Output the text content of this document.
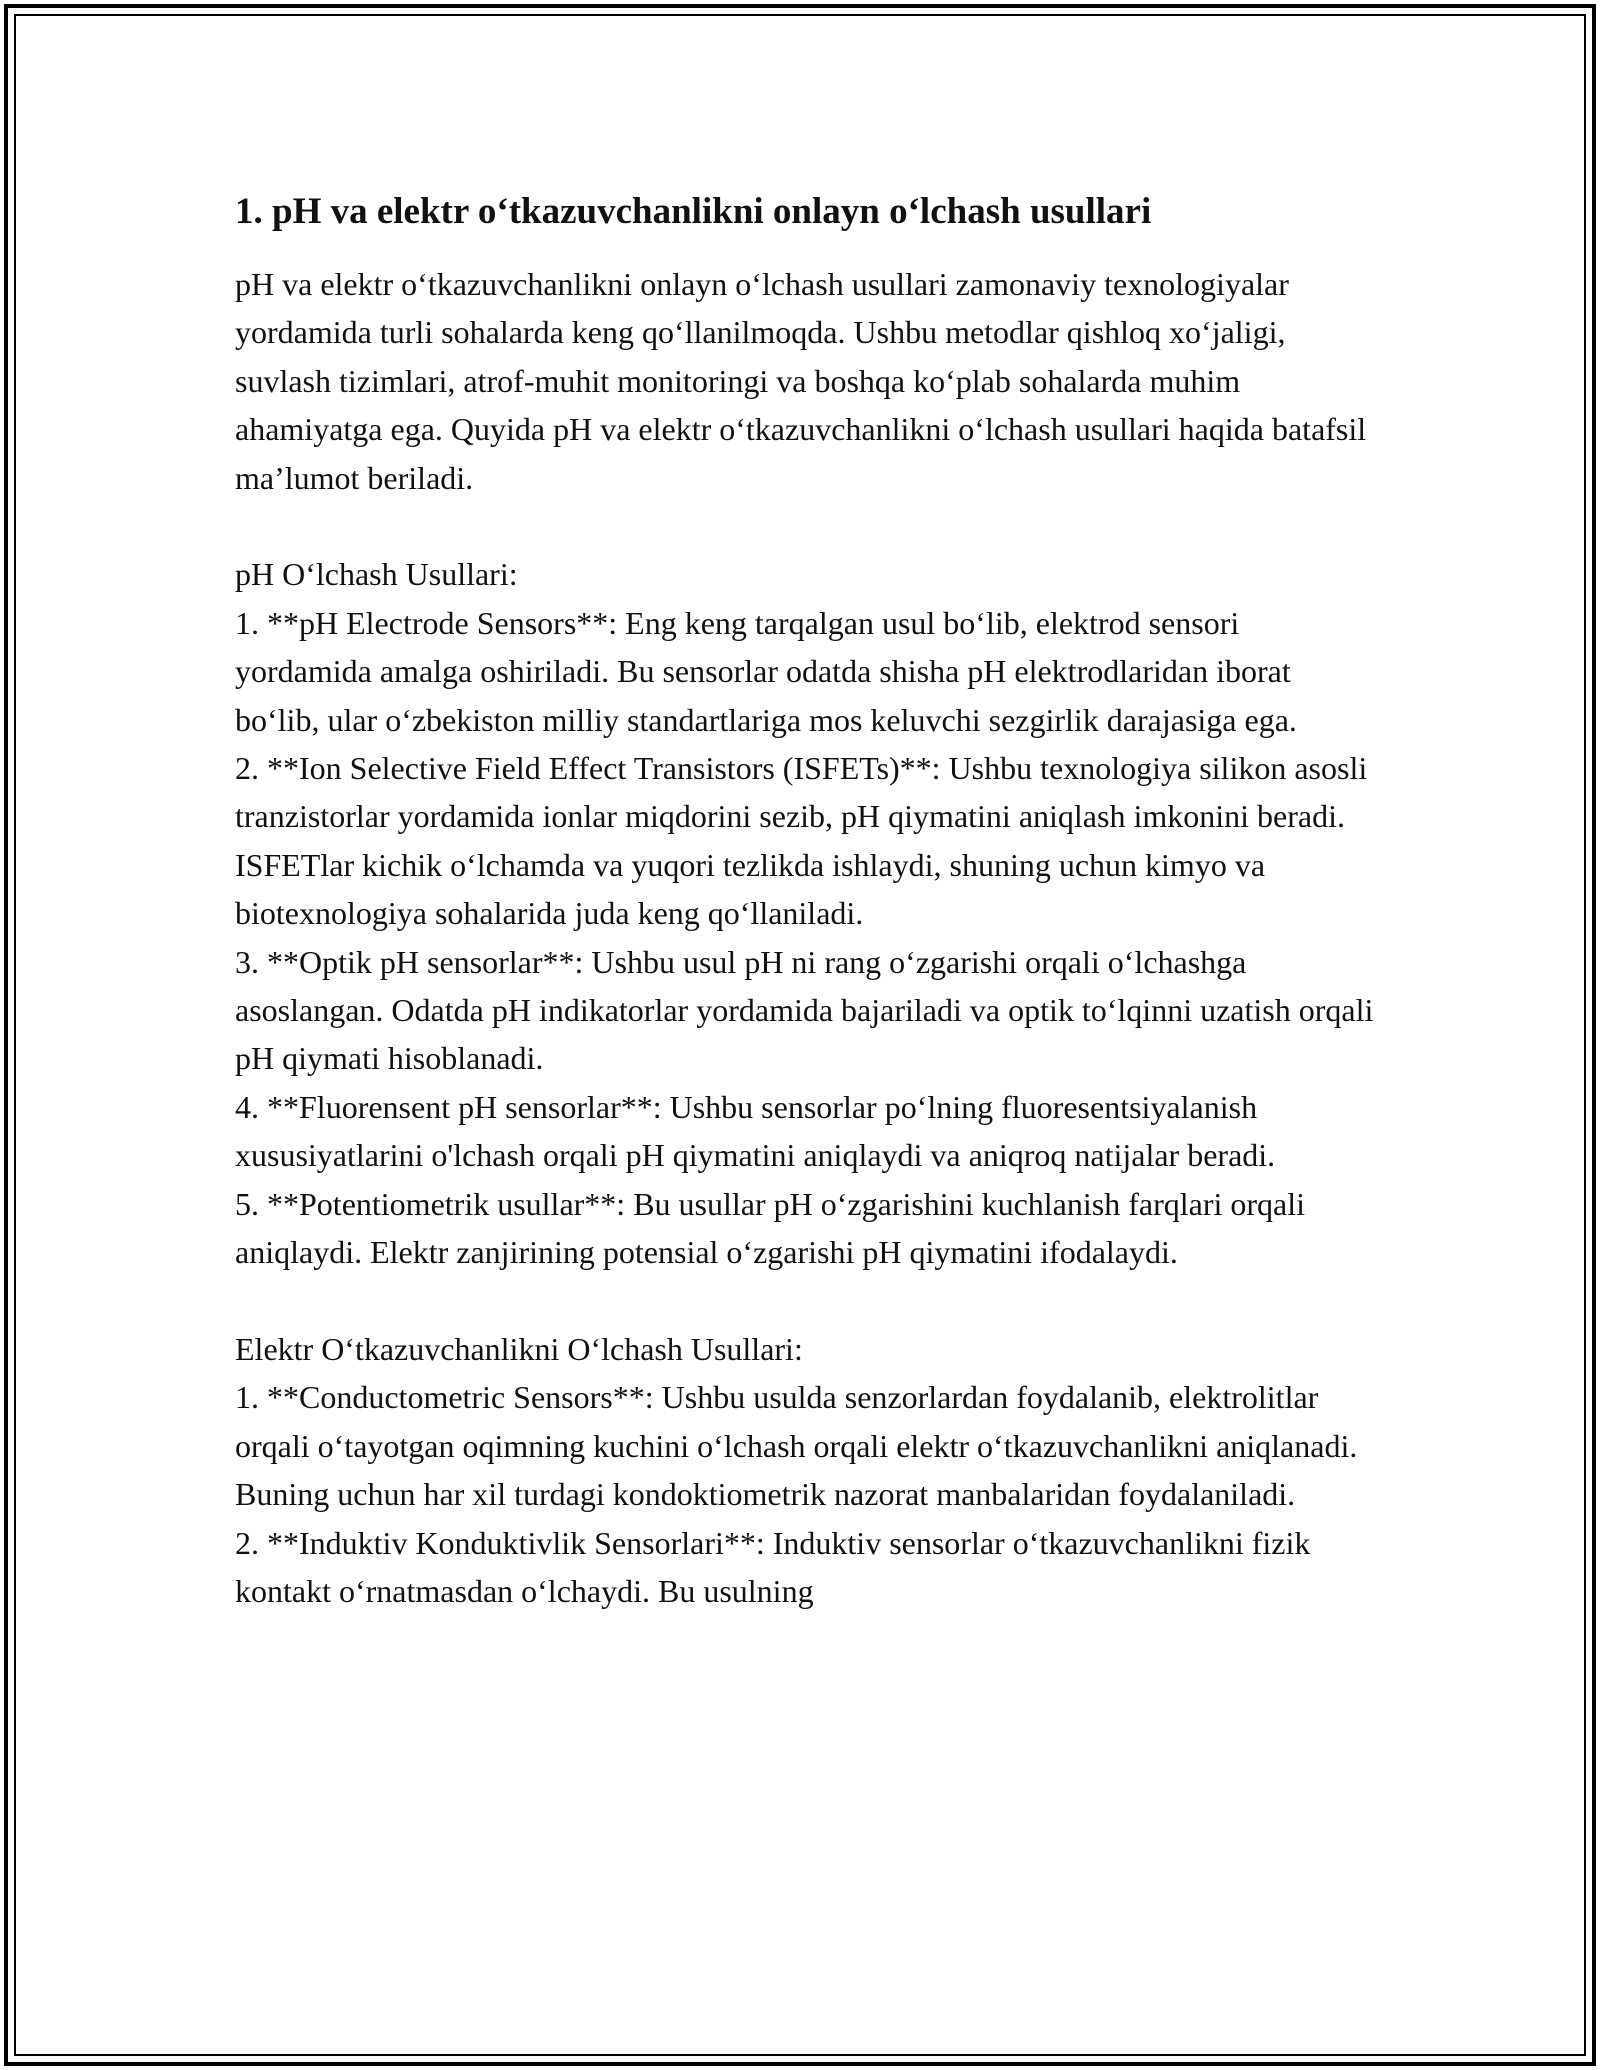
1. pH va elektr o‘tkazuvchanlikni onlayn o‘lchash usullari

pH va elektr o‘tkazuvchanlikni onlayn o‘lchash usullari zamonaviy texnologiyalar yordamida turli sohalarda keng qo‘llanilmoqda. Ushbu metodlar qishloq xo‘jaligi, suvlash tizimlari, atrof-muhit monitoringi va boshqa ko‘plab sohalarda muhim ahamiyatga ega. Quyida pH va elektr o‘tkazuvchanlikni o‘lchash usullari haqida batafsil ma’lumot beriladi.

pH O‘lchash Usullari:

1. **pH Electrode Sensors**: Eng keng tarqalgan usul bo‘lib, elektrod sensori yordamida amalga oshiriladi. Bu sensorlar odatda shisha pH elektrodlaridan iborat bo‘lib, ular o‘zbekiston milliy standartlariga mos keluvchi sezgirlik darajasiga ega.

2. **Ion Selective Field Effect Transistors (ISFETs)**: Ushbu texnologiya silikon asosli tranzistorlar yordamida ionlar miqdorini sezib, pH qiymatini aniqlash imkonini beradi. ISFETlar kichik o‘lchamda va yuqori tezlikda ishlaydi, shuning uchun kimyo va biotexnologiya sohalarida juda keng qo‘llaniladi.

3. **Optik pH sensorlar**: Ushbu usul pH ni rang o‘zgarishi orqali o‘lchashga asoslangan. Odatda pH indikatorlar yordamida bajariladi va optik to‘lqinni uzatish orqali pH qiymati hisoblanadi.

4. **Fluorensent pH sensorlar**: Ushbu sensorlar po‘lning fluoresentsiyalanish xususiyatlarini o'lchash orqali pH qiymatini aniqlaydi va aniqroq natijalar beradi.

5. **Potentiometrik usullar**: Bu usullar pH o‘zgarishini kuchlanish farqlari orqali aniqlaydi. Elektr zanjirining potensial o‘zgarishi pH qiymatini ifodalaydi.

Elektr O‘tkazuvchanlikni O‘lchash Usullari:

1. **Conductometric Sensors**: Ushbu usulda senzorlardan foydalanib, elektrolitlar orqali o‘tayotgan oqimning kuchini o‘lchash orqali elektr o‘tkazuvchanlikni aniqlanadi. Buning uchun har xil turdagi kondoktiometrik nazorat manbalaridan foydalaniladi.

2. **Induktiv Konduktivlik Sensorlari**: Induktiv sensorlar o‘tkazuvchanlikni fizik kontakt o‘rnatmasdan o‘lchaydi. Bu usulning
